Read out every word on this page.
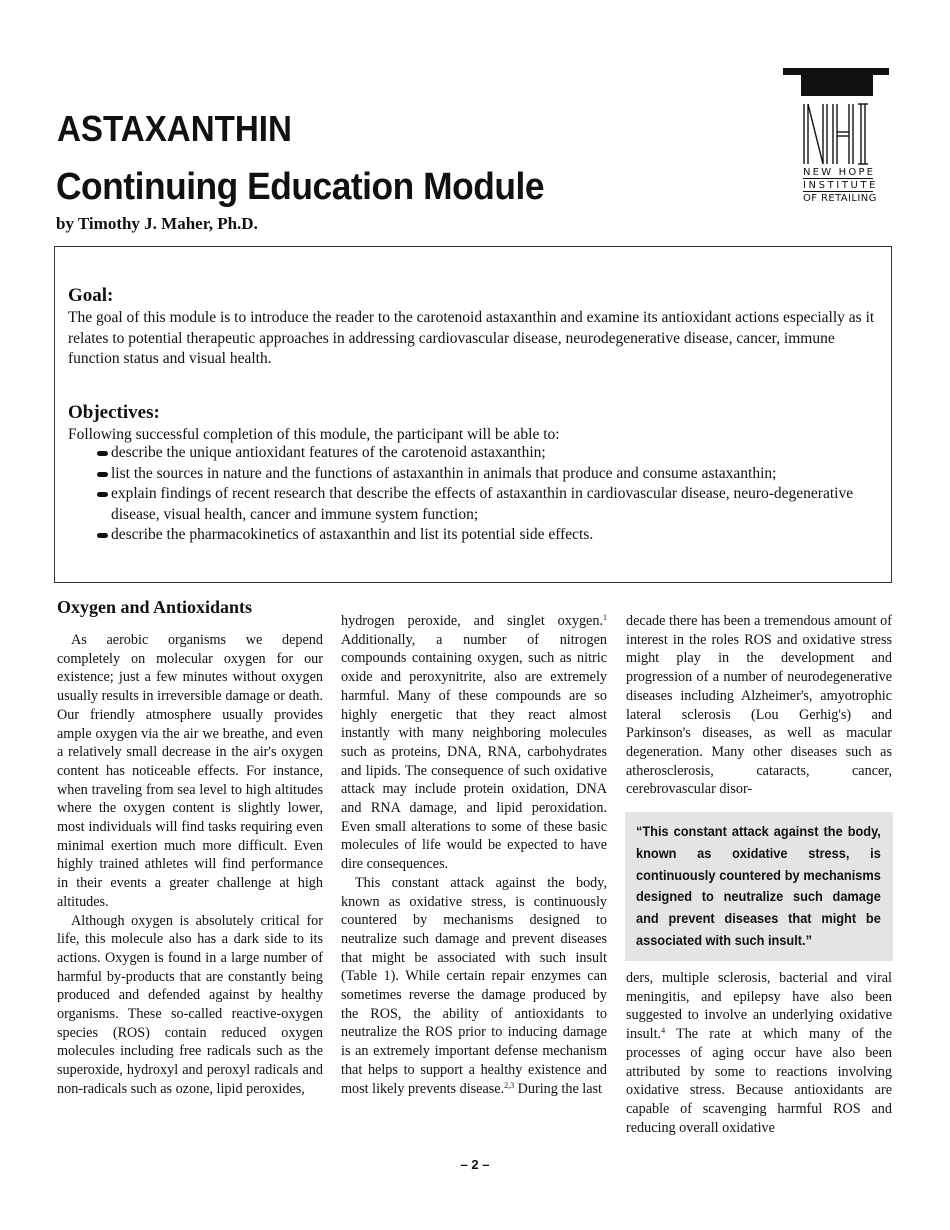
ASTAXANTHIN
Continuing Education Module

by Timothy J. Maher, Ph.D.

NEW HOPE
INSTITUTE
OF RETAILING
Goal:

The goal of this module is to introduce the reader to the carotenoid astaxanthin and examine its antioxidant actions especially as it relates to potential therapeutic approaches in addressing cardiovascular disease, neurodegenerative disease, cancer, immune function status and visual health.

Objectives:

Following successful completion of this module, the participant will be able to:

describe the unique antioxidant features of the carotenoid astaxanthin;
list the sources in nature and the functions of astaxanthin in animals that produce and consume astaxanthin;
explain findings of recent research that describe the effects of astaxanthin in cardiovascular disease, neuro-degenerative disease, visual health, cancer and immune system function;
describe the pharmacokinetics of astaxanthin and list its potential side effects.
Oxygen and Antioxidants

As aerobic organisms we depend completely on molecular oxygen for our existence; just a few minutes without oxygen usually results in irreversible damage or death. Our friendly atmosphere usually provides ample oxygen via the air we breathe, and even a relatively small decrease in the air's oxygen content has noticeable effects. For instance, when traveling from sea level to high altitudes where the oxygen content is slightly lower, most individuals will find tasks requiring even minimal exertion much more difficult. Even highly trained athletes will find performance in their events a greater challenge at high altitudes.

Although oxygen is absolutely critical for life, this molecule also has a dark side to its actions. Oxygen is found in a large number of harmful by-products that are constantly being produced and defended against by healthy organisms. These so-called reactive-oxygen species (ROS) contain reduced oxygen molecules including free radicals such as the superoxide, hydroxyl and peroxyl radicals and non-radicals such as ozone, lipid peroxides,

hydrogen peroxide, and singlet oxygen.$^1$ Additionally, a number of nitrogen compounds containing oxygen, such as nitric oxide and peroxynitrite, also are extremely harmful. Many of these compounds are so highly energetic that they react almost instantly with many neighboring molecules such as proteins, DNA, RNA, carbohydrates and lipids. The consequence of such oxidative attack may include protein oxidation, DNA and RNA damage, and lipid peroxidation. Even small alterations to some of these basic molecules of life would be expected to have dire consequences.

This constant attack against the body, known as oxidative stress, is continuously countered by mechanisms designed to neutralize such damage and prevent diseases that might be associated with such insult (Table 1). While certain repair enzymes can sometimes reverse the damage produced by the ROS, the ability of antioxidants to neutralize the ROS prior to inducing damage is an extremely important defense mechanism that helps to support a healthy existence and most likely prevents disease.$^{2,3}$ During the last

decade there has been a tremendous amount of interest in the roles ROS and oxidative stress might play in the development and progression of a number of neurodegenerative diseases including Alzheimer's, amyotrophic lateral sclerosis (Lou Gerhig's) and Parkinson's diseases, as well as macular degeneration. Many other diseases such as atherosclerosis, cataracts, cancer, cerebrovascular disor-

“This constant attack against the body, known as oxidative stress, is continuously countered by mechanisms designed to neutralize such damage and prevent diseases that might be associated with such insult.”

ders, multiple sclerosis, bacterial and viral meningitis, and epilepsy have also been suggested to involve an underlying oxidative insult.$^4$ The rate at which many of the processes of aging occur have also been attributed by some to reactions involving oxidative stress. Because antioxidants are capable of scavenging harmful ROS and reducing overall oxidative

– 2 –
